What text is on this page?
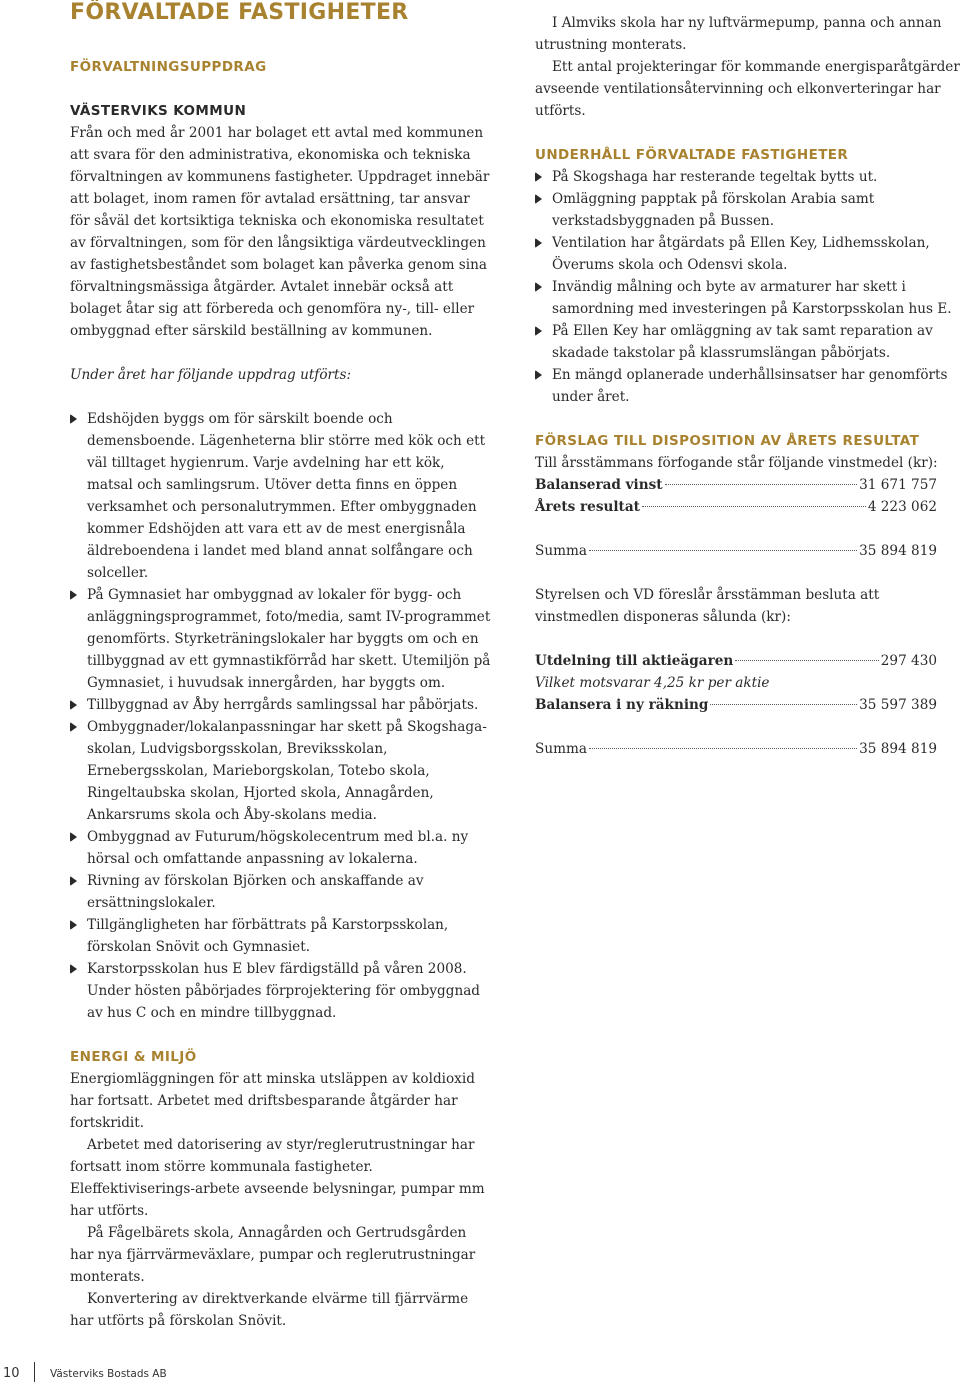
FÖRVALTADE FASTIGHETER
FÖRVALTNINGSUPPDRAG
VÄSTERVIKS KOMMUN

Från och med år 2001 har bolaget ett avtal med kommunen att svara för den administrativa, ekonomiska och tekniska förvaltningen av kommunens fastigheter. Uppdraget innebär att bolaget, inom ramen för avtalad ersättning, tar ansvar för såväl det kortsiktiga tekniska och ekonomiska resultatet av förvaltningen, som för den långsiktiga värdeutvecklingen av fastighetsbeståndet som bolaget kan påverka genom sina förvaltningsmässiga åtgärder. Avtalet innebär också att bolaget åtar sig att förbereda och genomföra ny-, till- eller ombyggnad efter särskild beställning av kommunen.

Under året har följande uppdrag utförts:

Edshöjden byggs om för särskilt boende och demensboende. Lägenheterna blir större med kök och ett väl tilltaget hygienrum. Varje avdelning har ett kök, matsal och samlingsrum. Utöver detta finns en öppen verksamhet och personalutrymmen. Efter ombyggnaden kommer Edshöjden att vara ett av de mest energisnåla äldreboendena i landet med bland annat solfångare och solceller.
På Gymnasiet har ombyggnad av lokaler för bygg- och anläggningsprogrammet, foto/media, samt IV-programmet genomförts. Styrketräningslokaler har byggts om och en tillbyggnad av ett gymnastikförråd har skett. Utemiljön på Gymnasiet, i huvudsak innergården, har byggts om.
Tillbyggnad av Åby herrgårds samlingssal har påbörjats.
Ombyggnader/lokalanpassningar har skett på Skogshaga-skolan, Ludvigsborgsskolan, Breviksskolan, Ernebergsskolan, Marieborgskolan, Totebo skola, Ringeltaubska skolan, Hjorted skola, Annagården, Ankarsrums skola och Åby-skolans media.
Ombyggnad av Futurum/högskolecentrum med bl.a. ny hörsal och omfattande anpassning av lokalerna.
Rivning av förskolan Björken och anskaffande av ersättningslokaler.
Tillgängligheten har förbättrats på Karstorpsskolan, förskolan Snövit och Gymnasiet.
Karstorpsskolan hus E blev färdigställd på våren 2008. Under hösten påbörjades förprojektering för ombyggnad av hus C och en mindre tillbyggnad.
ENERGI & MILJÖ

Energiomläggningen för att minska utsläppen av koldioxid har fortsatt. Arbetet med driftsbesparande åtgärder har fortskridit.

Arbetet med datorisering av styr/reglerutrustningar har fortsatt inom större kommunala fastigheter. Eleffektiviserings-arbete avseende belysningar, pumpar mm har utförts.

På Fågelbärets skola, Annagården och Gertrudsgården har nya fjärrvärmeväxlare, pumpar och reglerutrustningar monterats.

Konvertering av direktverkande elvärme till fjärrvärme har utförts på förskolan Snövit.

I Almviks skola har ny luftvärmepump, panna och annan utrustning monterats.

Ett antal projekteringar för kommande energisparåtgärder avseende ventilationsåtervinning och elkonverteringar har utförts.

UNDERHÅLL FÖRVALTADE FASTIGHETER
På Skogshaga har resterande tegeltak bytts ut.
Omläggning papptak på förskolan Arabia samt verkstadsbyggnaden på Bussen.
Ventilation har åtgärdats på Ellen Key, Lidhemsskolan, Överums skola och Odensvi skola.
Invändig målning och byte av armaturer har skett i samordning med investeringen på Karstorpsskolan hus E.
På Ellen Key har omläggning av tak samt reparation av skadade takstolar på klassrumslängan påbörjats.
En mängd oplanerade underhållsinsatser har genomförts under året.
FÖRSLAG TILL DISPOSITION AV ÅRETS RESULTAT

Till årsstämmans förfogande står följande vinstmedel (kr):

Balanserad vinst	31 671 757
Årets resultat	4 223 062
Summa	35 894 819

Styrelsen och VD föreslår årsstämman besluta att vinstmedlen disponeras sålunda (kr):

Utdelning till aktieägaren	297 430

Vilket motsvarar 4,25 kr per aktie

Balansera i ny räkning	35 597 389
Summa	35 894 819
10	Västerviks Bostads AB
